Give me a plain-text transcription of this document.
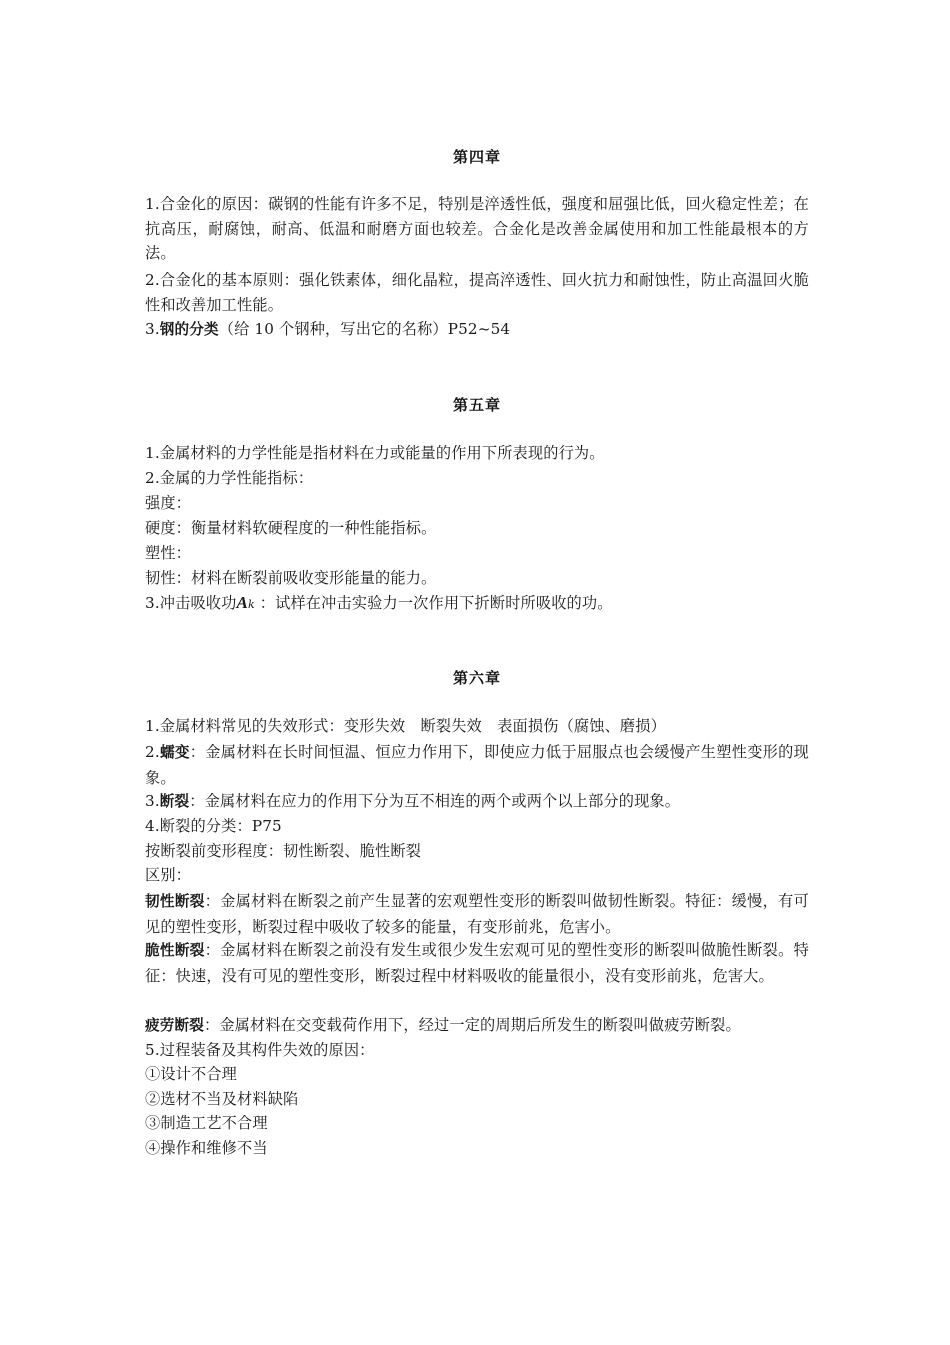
第四章
1.合金化的原因：碳钢的性能有许多不足，特别是淬透性低，强度和屈强比低，回火稳定性差；在抗高压，耐腐蚀，耐高、低温和耐磨方面也较差。合金化是改善金属使用和加工性能最根本的方法。
2.合金化的基本原则：强化铁素体，细化晶粒，提高淬透性、回火抗力和耐蚀性，防止高温回火脆性和改善加工性能。
3.钢的分类（给 10 个钢种，写出它的名称）P52~54
第五章
1.金属材料的力学性能是指材料在力或能量的作用下所表现的行为。
2.金属的力学性能指标：
强度：
硬度：衡量材料软硬程度的一种性能指标。
塑性：
韧性：材料在断裂前吸收变形能量的能力。
3.冲击吸收功Ak ：试样在冲击实验力一次作用下折断时所吸收的功。
第六章
1.金属材料常见的失效形式：变形失效　断裂失效　表面损伤（腐蚀、磨损）
2.蠕变：金属材料在长时间恒温、恒应力作用下，即使应力低于屈服点也会缓慢产生塑性变形的现象。
3.断裂：金属材料在应力的作用下分为互不相连的两个或两个以上部分的现象。
4.断裂的分类：P75
按断裂前变形程度：韧性断裂、脆性断裂
区别：
韧性断裂：金属材料在断裂之前产生显著的宏观塑性变形的断裂叫做韧性断裂。特征：缓慢，有可见的塑性变形，断裂过程中吸收了较多的能量，有变形前兆，危害小。
脆性断裂：金属材料在断裂之前没有发生或很少发生宏观可见的塑性变形的断裂叫做脆性断裂。特征：快速，没有可见的塑性变形，断裂过程中材料吸收的能量很小，没有变形前兆，危害大。
疲劳断裂：金属材料在交变载荷作用下，经过一定的周期后所发生的断裂叫做疲劳断裂。
5.过程装备及其构件失效的原因：
①设计不合理
②选材不当及材料缺陷
③制造工艺不合理
④操作和维修不当
